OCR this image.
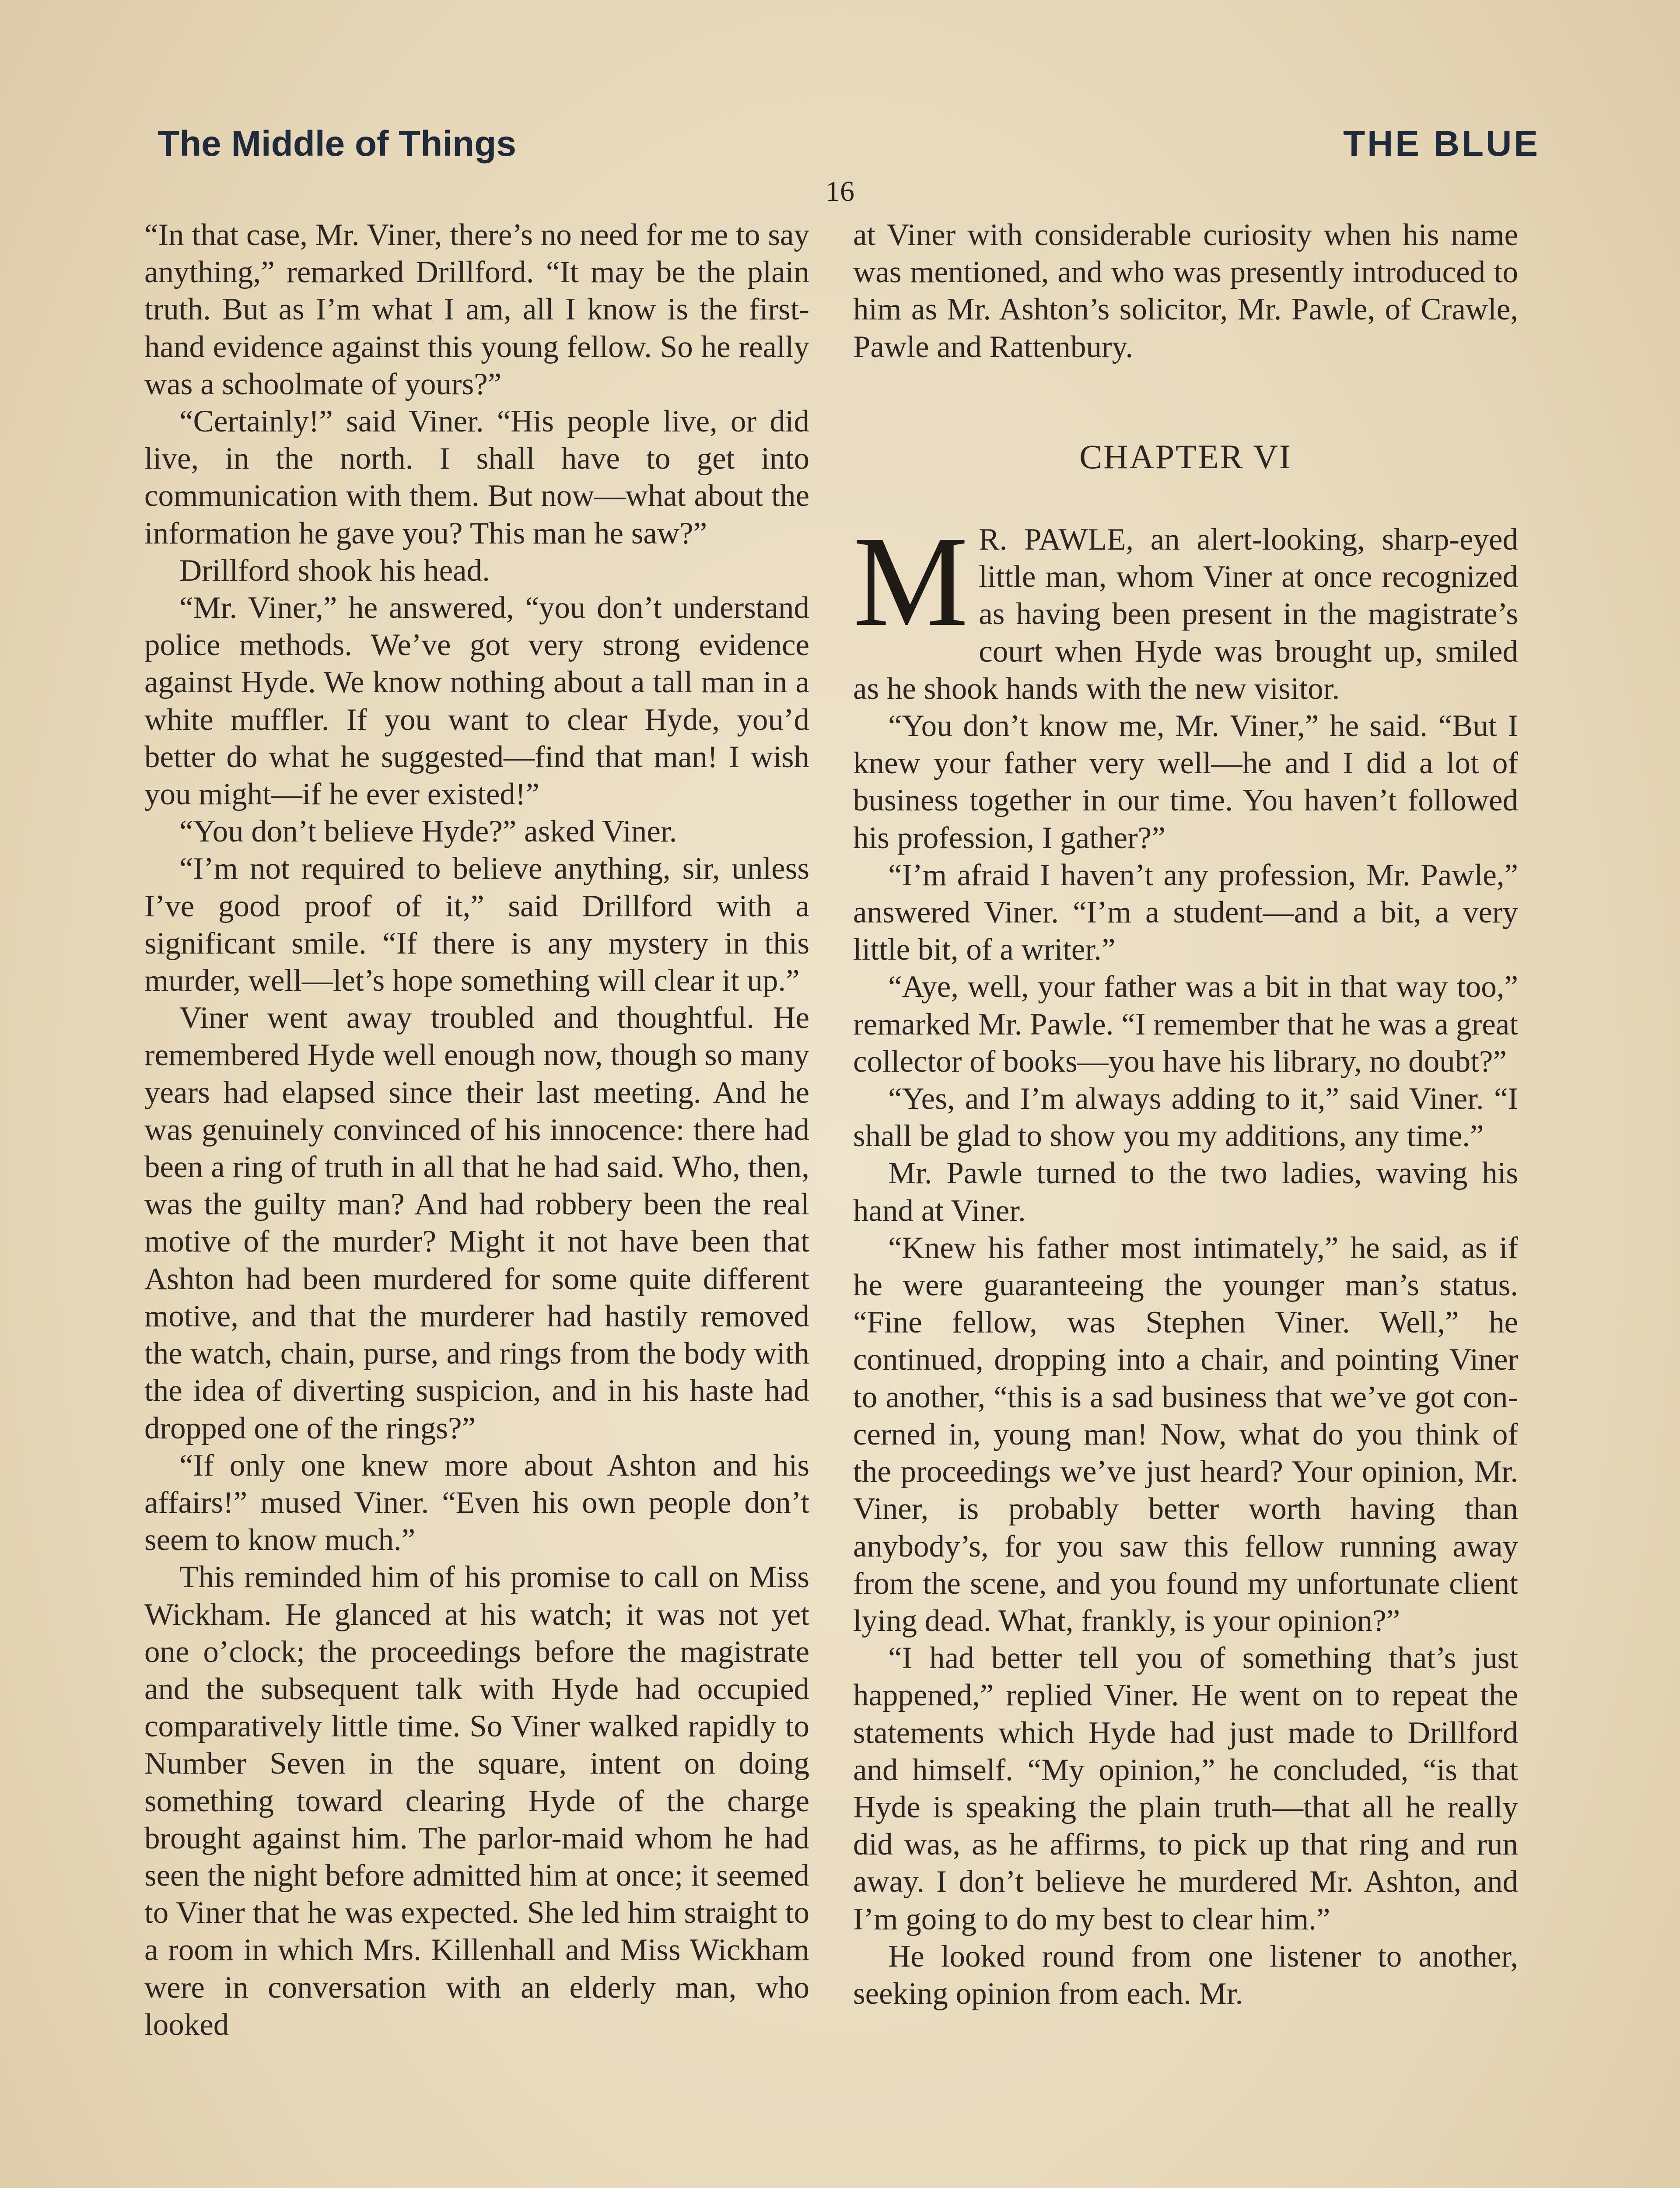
The Middle of Things	THE BLUE
16

“In that case, Mr. Viner, there’s no need for me to say anything,” remarked Drillford. “It may be the plain truth. But as I’m what I am, all I know is the first-hand evidence against this young fellow. So he really was a schoolmate of yours?”

“Certainly!” said Viner. “His people live, or did live, in the north. I shall have to get into communication with them. But now—what about the information he gave you? This man he saw?”

Drillford shook his head.

“Mr. Viner,” he answered, “you don’t understand police methods. We’ve got very strong evidence against Hyde. We know nothing about a tall man in a white muffler. If you want to clear Hyde, you’d better do what he suggested—find that man! I wish you might—if he ever existed!”

“You don’t believe Hyde?” asked Viner.

“I’m not required to believe anything, sir, unless I’ve good proof of it,” said Drillford with a significant smile. “If there is any mystery in this murder, well—let’s hope something will clear it up.”

Viner went away troubled and thoughtful. He remembered Hyde well enough now, though so many years had elapsed since their last meeting. And he was genuinely convinced of his innocence: there had been a ring of truth in all that he had said. Who, then, was the guilty man? And had robbery been the real motive of the murder? Might it not have been that Ashton had been murdered for some quite different motive, and that the murderer had hastily removed the watch, chain, purse, and rings from the body with the idea of diverting suspicion, and in his haste had dropped one of the rings?”

“If only one knew more about Ashton and his affairs!” mused Viner. “Even his own people don’t seem to know much.”

This reminded him of his promise to call on Miss Wickham. He glanced at his watch; it was not yet one o’clock; the proceedings before the magistrate and the subsequent talk with Hyde had occupied comparatively little time. So Viner walked rapidly to Number Seven in the square, intent on doing something toward clearing Hyde of the charge brought against him. The parlor-maid whom he had seen the night before admitted him at once; it seemed to Viner that he was expected. She led him straight to a room in which Mrs. Killenhall and Miss Wickham were in conversation with an elderly man, who looked

at Viner with considerable curiosity when his name was mentioned, and who was presently introduced to him as Mr. Ashton’s solicitor, Mr. Pawle, of Crawle, Pawle and Rattenbury.

CHAPTER VI

M R. PAWLE, an alert-looking, sharp-eyed little man, whom Viner at once recognized as having been present in the magistrate’s court when Hyde was brought up, smiled as he shook hands with the new visitor.

“You don’t know me, Mr. Viner,” he said. “But I knew your father very well—he and I did a lot of business together in our time. You haven’t followed his profession, I gather?”

“I’m afraid I haven’t any profession, Mr. Pawle,” answered Viner. “I’m a student—and a bit, a very little bit, of a writer.”

“Aye, well, your father was a bit in that way too,” remarked Mr. Pawle. “I remember that he was a great collector of books—you have his library, no doubt?”

“Yes, and I’m always adding to it,” said Viner. “I shall be glad to show you my additions, any time.”

Mr. Pawle turned to the two ladies, waving his hand at Viner.

“Knew his father most intimately,” he said, as if he were guaranteeing the younger man’s status. “Fine fellow, was Stephen Viner. Well,” he continued, dropping into a chair, and pointing Viner to another, “this is a sad business that we’ve got concerned in, young man! Now, what do you think of the proceedings we’ve just heard? Your opinion, Mr. Viner, is probably better worth having than anybody’s, for you saw this fellow running away from the scene, and you found my unfortunate client lying dead. What, frankly, is your opinion?”

“I had better tell you of something that’s just happened,” replied Viner. He went on to repeat the statements which Hyde had just made to Drillford and himself. “My opinion,” he concluded, “is that Hyde is speaking the plain truth—that all he really did was, as he affirms, to pick up that ring and run away. I don’t believe he murdered Mr. Ashton, and I’m going to do my best to clear him.”

He looked round from one listener to another, seeking opinion from each. Mr.
